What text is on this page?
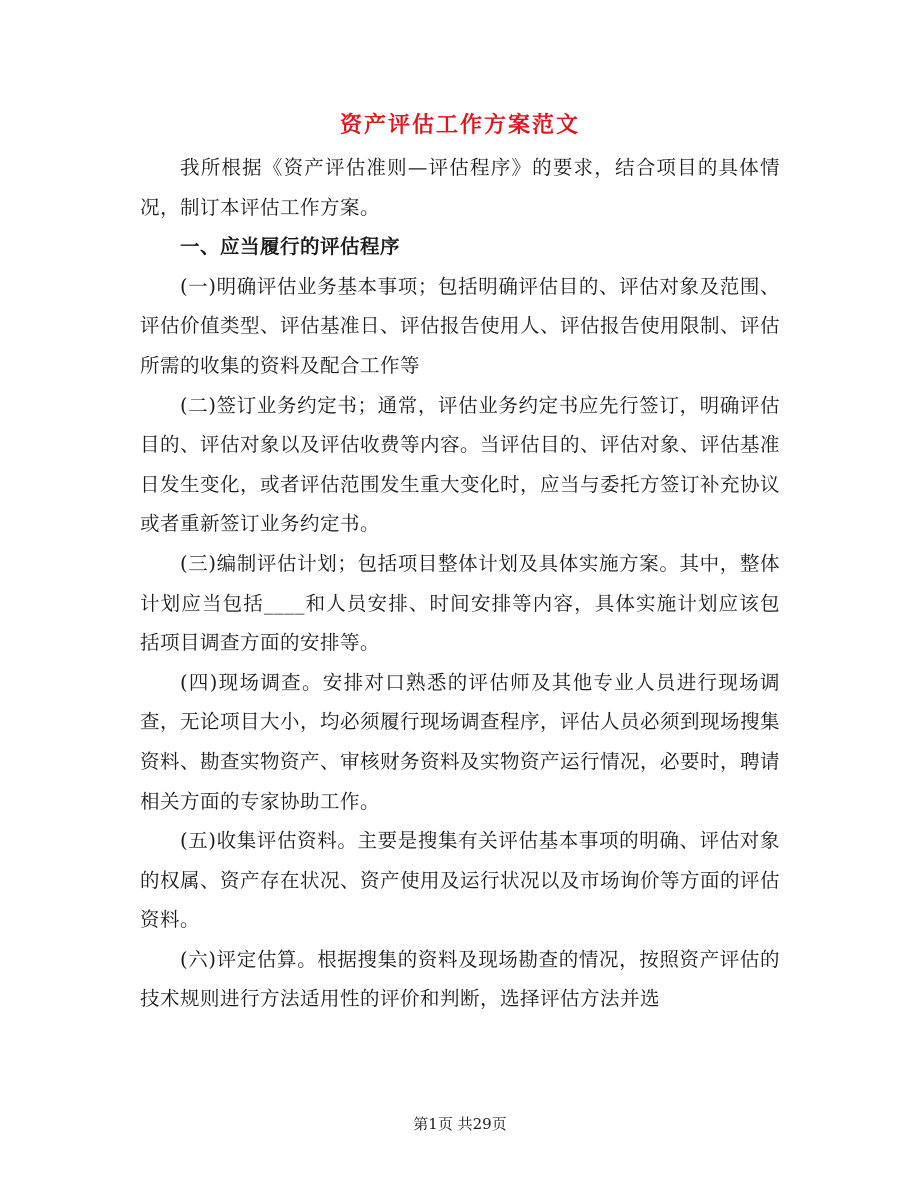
资产评估工作方案范文

我所根据《资产评估准则—评估程序》的要求，结合项目的具体情况，制订本评估工作方案。

一、应当履行的评估程序

(一)明确评估业务基本事项；包括明确评估目的、评估对象及范围、评估价值类型、评估基准日、评估报告使用人、评估报告使用限制、评估所需的收集的资料及配合工作等

(二)签订业务约定书；通常，评估业务约定书应先行签订，明确评估目的、评估对象以及评估收费等内容。当评估目的、评估对象、评估基准日发生变化，或者评估范围发生重大变化时，应当与委托方签订补充协议或者重新签订业务约定书。

(三)编制评估计划；包括项目整体计划及具体实施方案。其中，整体计划应当包括____和人员安排、时间安排等内容，具体实施计划应该包括项目调查方面的安排等。

(四)现场调查。安排对口熟悉的评估师及其他专业人员进行现场调查，无论项目大小，均必须履行现场调查程序，评估人员必须到现场搜集资料、勘查实物资产、审核财务资料及实物资产运行情况，必要时，聘请相关方面的专家协助工作。

(五)收集评估资料。主要是搜集有关评估基本事项的明确、评估对象的权属、资产存在状况、资产使用及运行状况以及市场询价等方面的评估资料。

(六)评定估算。根据搜集的资料及现场勘查的情况，按照资产评估的技术规则进行方法适用性的评价和判断，选择评估方法并选

第1页 共29页
